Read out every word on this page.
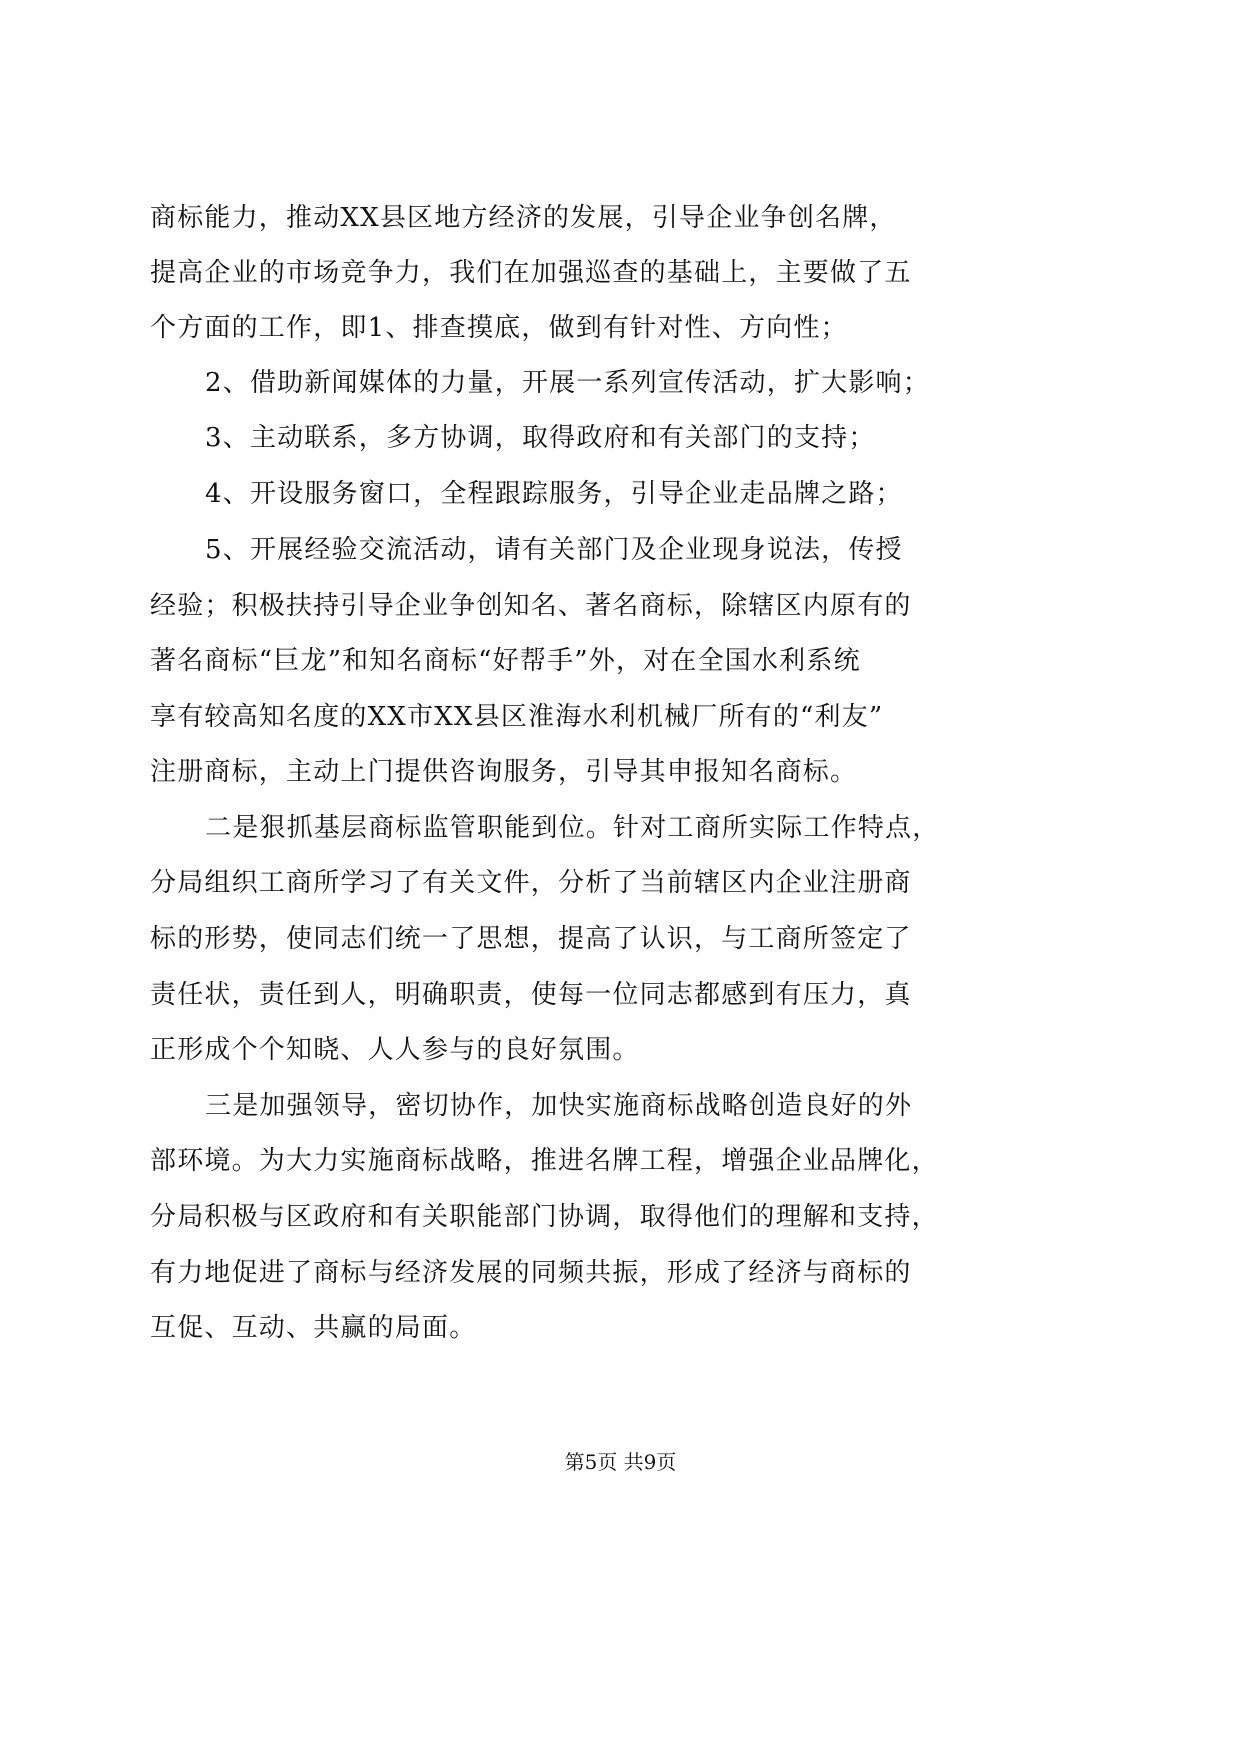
商标能力，推动XX县区地方经济的发展，引导企业争创名牌，
提高企业的市场竞争力，我们在加强巡查的基础上，主要做了五
个方面的工作，即1、排查摸底，做到有针对性、方向性；
2、借助新闻媒体的力量，开展一系列宣传活动，扩大影响；
3、主动联系，多方协调，取得政府和有关部门的支持；
4、开设服务窗口，全程跟踪服务，引导企业走品牌之路；
5、开展经验交流活动，请有关部门及企业现身说法，传授
经验；积极扶持引导企业争创知名、著名商标，除辖区内原有的
著名商标“巨龙”和知名商标“好帮手”外，对在全国水利系统
享有较高知名度的XX市XX县区淮海水利机械厂所有的“利友”
注册商标，主动上门提供咨询服务，引导其申报知名商标。
二是狠抓基层商标监管职能到位。针对工商所实际工作特点，
分局组织工商所学习了有关文件，分析了当前辖区内企业注册商
标的形势，使同志们统一了思想，提高了认识，与工商所签定了
责任状，责任到人，明确职责，使每一位同志都感到有压力，真
正形成个个知晓、人人参与的良好氛围。
三是加强领导，密切协作，加快实施商标战略创造良好的外
部环境。为大力实施商标战略，推进名牌工程，增强企业品牌化，
分局积极与区政府和有关职能部门协调，取得他们的理解和支持，
有力地促进了商标与经济发展的同频共振，形成了经济与商标的
互促、互动、共赢的局面。
第5页 共9页
